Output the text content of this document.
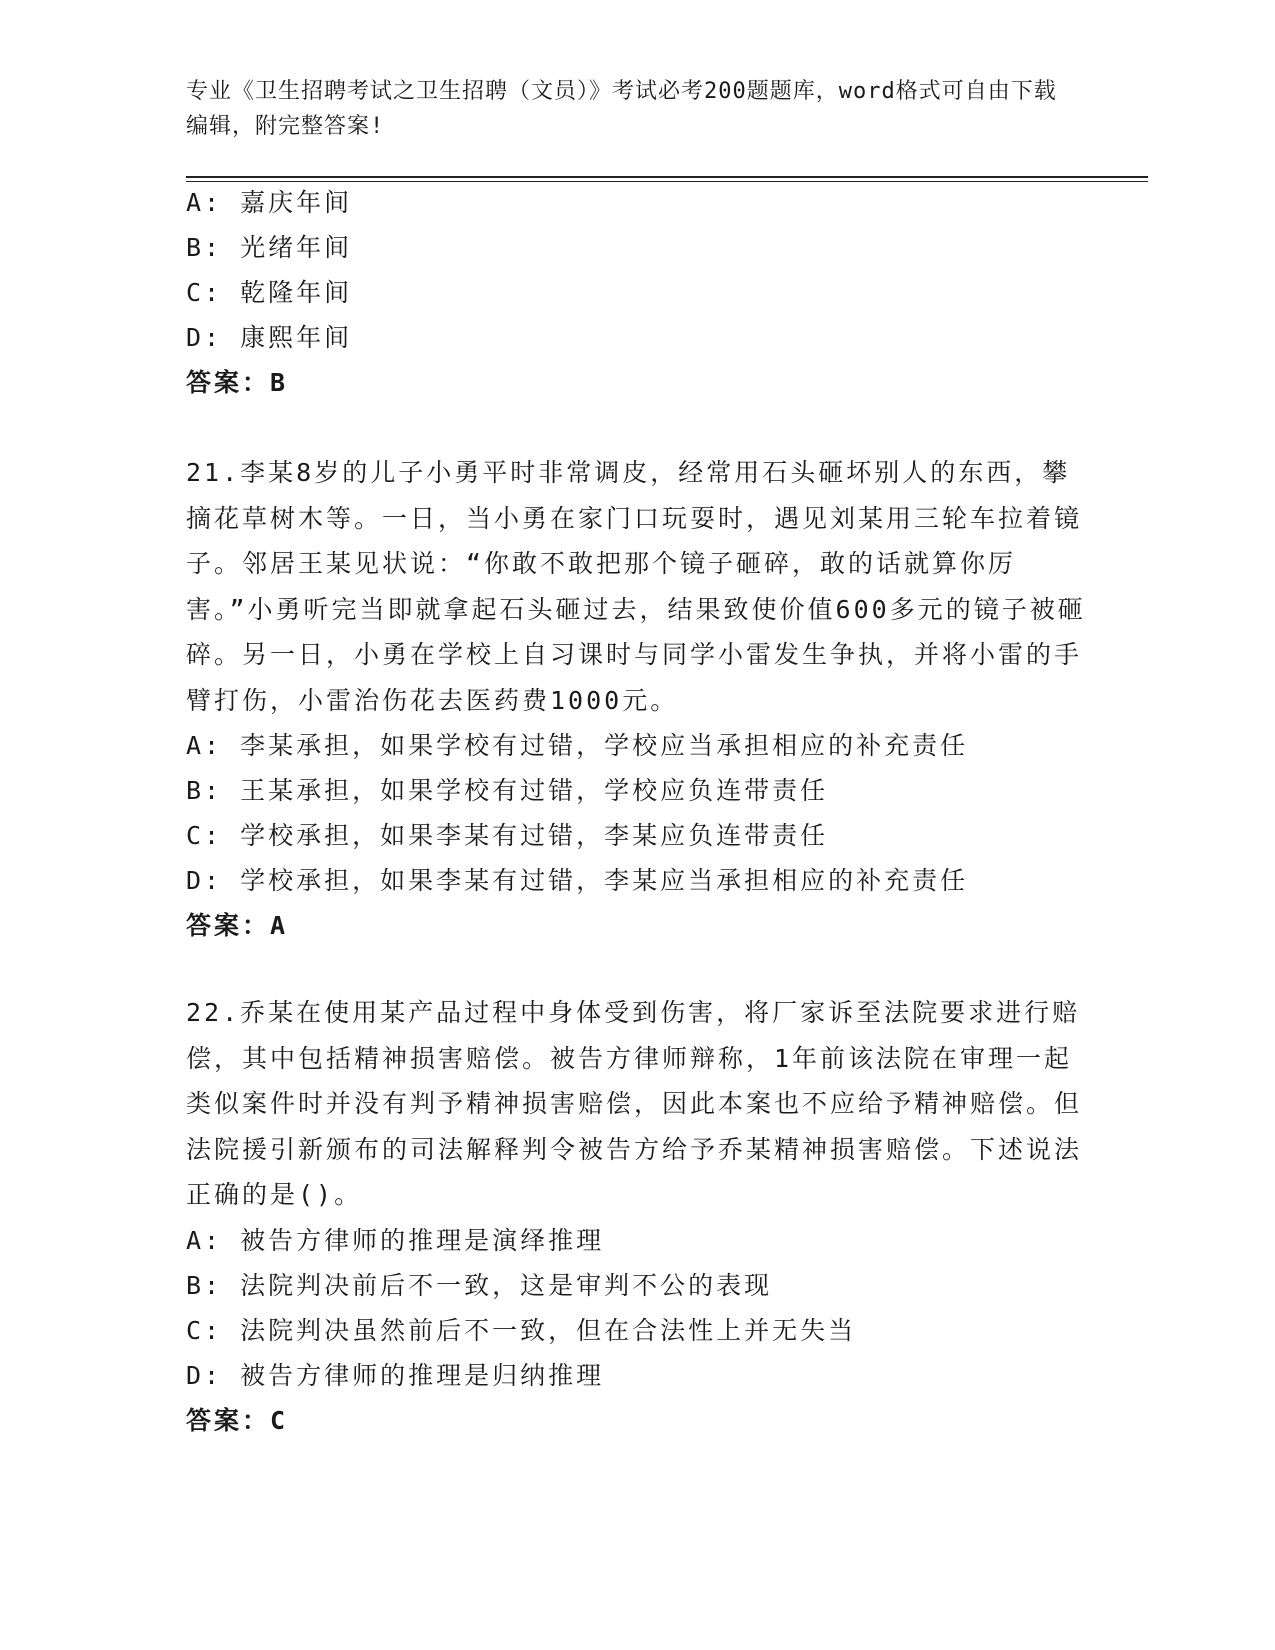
专业《卫生招聘考试之卫生招聘（文员）》考试必考200题题库，word格式可自由下载编辑，附完整答案!
A: 嘉庆年间
B: 光绪年间
C: 乾隆年间
D: 康熙年间
答案：B
21.李某8岁的儿子小勇平时非常调皮，经常用石头砸坏别人的东西，攀摘花草树木等。一日，当小勇在家门口玩耍时，遇见刘某用三轮车拉着镜子。邻居王某见状说：“你敢不敢把那个镜子砸碎，敢的话就算你厉害。”小勇听完当即就拿起石头砸过去，结果致使价值600多元的镜子被砸碎。另一日，小勇在学校上自习课时与同学小雷发生争执，并将小雷的手臂打伤，小雷治伤花去医药费1000元。
A: 李某承担，如果学校有过错，学校应当承担相应的补充责任
B: 王某承担，如果学校有过错，学校应负连带责任
C: 学校承担，如果李某有过错，李某应负连带责任
D: 学校承担，如果李某有过错，李某应当承担相应的补充责任
答案：A
22.乔某在使用某产品过程中身体受到伤害，将厂家诉至法院要求进行赔偿，其中包括精神损害赔偿。被告方律师辩称，1年前该法院在审理一起类似案件时并没有判予精神损害赔偿，因此本案也不应给予精神赔偿。但法院援引新颁布的司法解释判令被告方给予乔某精神损害赔偿。下述说法正确的是()。
A: 被告方律师的推理是演绎推理
B: 法院判决前后不一致，这是审判不公的表现
C: 法院判决虽然前后不一致，但在合法性上并无失当
D: 被告方律师的推理是归纳推理
答案：C
